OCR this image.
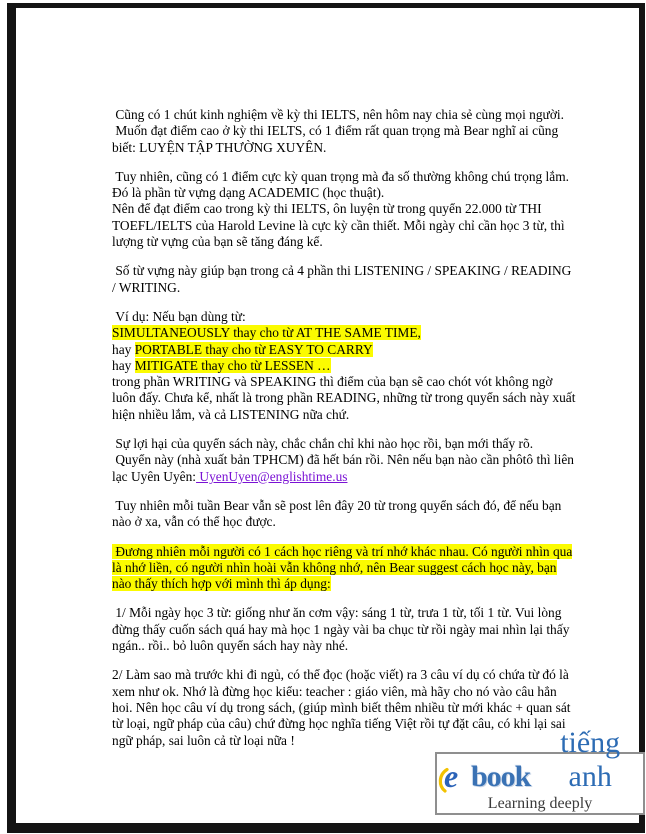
Cũng có 1 chút kinh nghiệm về kỳ thi IELTS, nên hôm nay chia sẻ cùng mọi người.
Muốn đạt điểm cao ở kỳ thi IELTS, có 1 điểm rất quan trọng mà Bear nghĩ ai cũng
biết: LUYỆN TẬP THƯỜNG XUYÊN.
Tuy nhiên, cũng có 1 điểm cực kỳ quan trọng mà đa số thường không chú trọng lắm.
Đó là phần từ vựng dạng ACADEMIC (học thuật).
Nên để đạt điểm cao trong kỳ thi IELTS, ôn luyện từ trong quyển 22.000 từ THI
TOEFL/IELTS của Harold Levine là cực kỳ cần thiết. Mỗi ngày chỉ cần học 3 từ, thì
lượng từ vựng của bạn sẽ tăng đáng kể.
Số từ vựng này giúp bạn trong cả 4 phần thi LISTENING / SPEAKING / READING
/ WRITING.
Ví dụ: Nếu bạn dùng từ:
SIMULTANEOUSLY thay cho từ AT THE SAME TIME,
hay PORTABLE thay cho từ EASY TO CARRY
hay MITIGATE thay cho từ LESSEN …
trong phần WRITING và SPEAKING thì điểm của bạn sẽ cao chót vót không ngờ
luôn đấy. Chưa kể, nhất là trong phần READING, những từ trong quyển sách này xuất
hiện nhiều lắm, và cả LISTENING nữa chứ.
Sự lợi hại của quyển sách này, chắc chắn chỉ khi nào học rồi, bạn mới thấy rõ.
Quyển này (nhà xuất bản TPHCM) đã hết bán rồi. Nên nếu bạn nào cần phôtô thì liên
lạc Uyên Uyên: UyenUyen@englishtime.us
Tuy nhiên mỗi tuần Bear vẫn sẽ post lên đây 20 từ trong quyển sách đó, để nếu bạn
nào ở xa, vẫn có thể học được.
Đương nhiên mỗi người có 1 cách học riêng và trí nhớ khác nhau. Có người nhìn qua
là nhớ liền, có người nhìn hoài vẫn không nhớ, nên Bear suggest cách học này, bạn
nào thấy thích hợp với mình thì áp dụng:
1/ Mỗi ngày học 3 từ: giống như ăn cơm vậy: sáng 1 từ, trưa 1 từ, tối 1 từ. Vui lòng
đừng thấy cuốn sách quá hay mà học 1 ngày vài ba chục từ rồi ngày mai nhìn lại thấy
ngán.. rồi.. bỏ luôn quyển sách hay này nhé.
2/ Làm sao mà trước khi đi ngủ, có thể đọc (hoặc viết) ra 3 câu ví dụ có chứa từ đó là
xem như ok. Nhớ là đừng học kiểu: teacher : giáo viên, mà hãy cho nó vào câu hẳn
hoi. Nên học câu ví dụ trong sách, (giúp mình biết thêm nhiều từ mới khác + quan sát
từ loại, ngữ pháp của câu) chứ đừng học nghĩa tiếng Việt rồi tự đặt câu, có khi lại sai
ngữ pháp, sai luôn cả từ loại nữa !
e book
tiếng anh
Learning deeply
